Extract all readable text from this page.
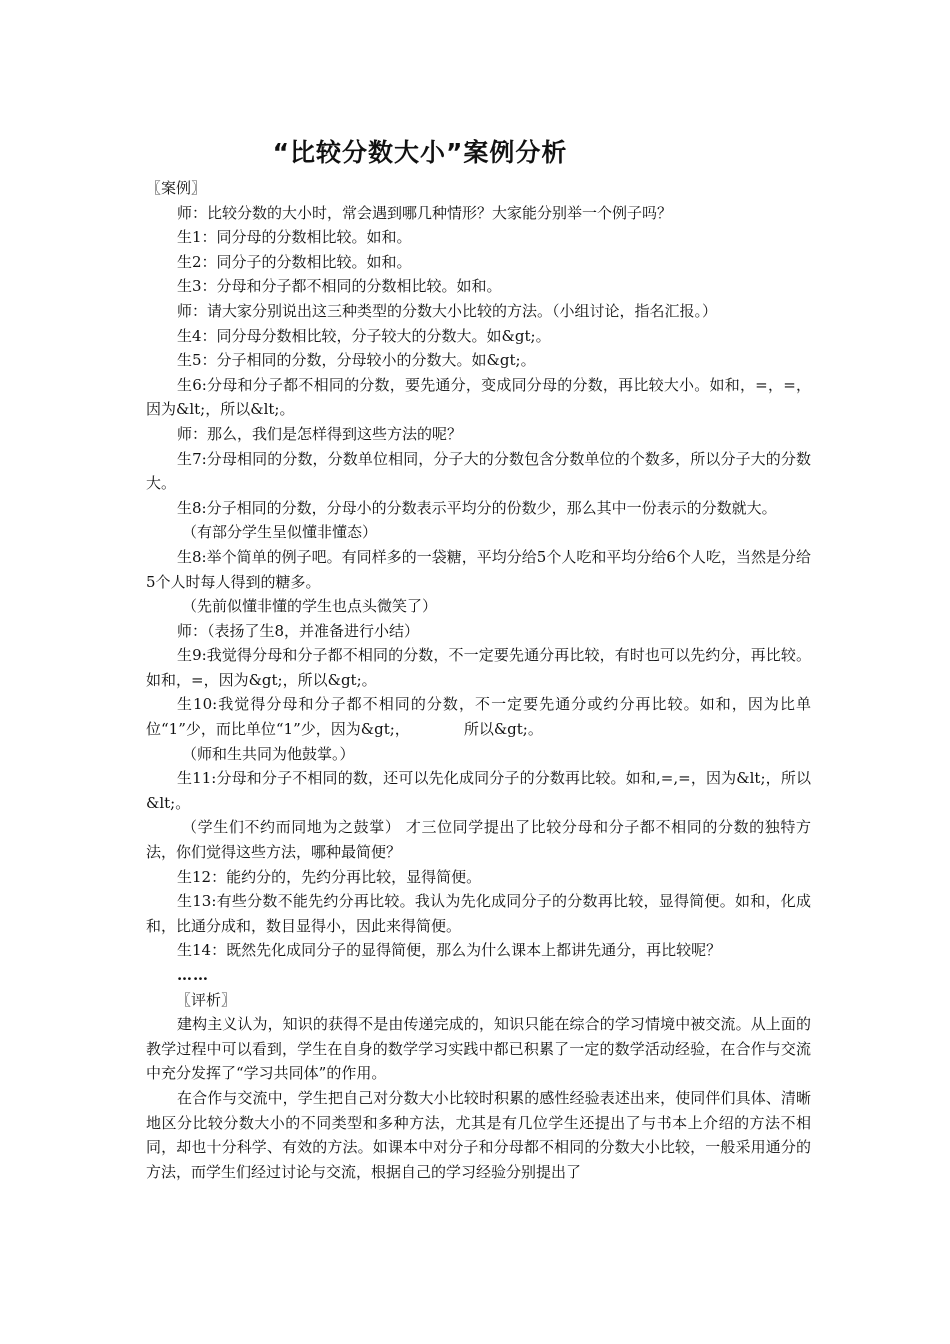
“比较分数大小”案例分析

〖案例〗

师：比较分数的大小时，常会遇到哪几种情形？大家能分别举一个例子吗？

生1：同分母的分数相比较。如和。

生2：同分子的分数相比较。如和。

生3：分母和分子都不相同的分数相比较。如和。

师：请大家分别说出这三种类型的分数大小比较的方法。（小组讨论，指名汇报。）

生4：同分母分数相比较，分子较大的分数大。如&gt;。

生5：分子相同的分数，分母较小的分数大。如&gt;。

生6:分母和分子都不相同的分数，要先通分，变成同分母的分数，再比较大小。如和，=，=，因为&lt;，所以&lt;。

师：那么，我们是怎样得到这些方法的呢？

生7:分母相同的分数，分数单位相同，分子大的分数包含分数单位的个数多，所以分子大的分数大。

生8:分子相同的分数，分母小的分数表示平均分的份数少，那么其中一份表示的分数就大。

（有部分学生呈似懂非懂态）

生8:举个简单的例子吧。有同样多的一袋糖，平均分给5个人吃和平均分给6个人吃，当然是分给5个人时每人得到的糖多。

（先前似懂非懂的学生也点头微笑了）

师：（表扬了生8，并准备进行小结）

生9:我觉得分母和分子都不相同的分数，不一定要先通分再比较，有时也可以先约分，再比较。如和，=，因为&gt;，所以&gt;。

生10:我觉得分母和分子都不相同的分数，不一定要先通分或约分再比较。如和，因为比单位“1”少，而比单位“1”少，因为&gt;，	所以&gt;。

（师和生共同为他鼓掌。）

生11:分母和分子不相同的数，还可以先化成同分子的分数再比较。如和,=,=，因为&lt;，所以&lt;。

（学生们不约而同地为之鼓掌） 才三位同学提出了比较分母和分子都不相同的分数的独特方法，你们觉得这些方法，哪种最简便？

生12：能约分的，先约分再比较，显得简便。

生13:有些分数不能先约分再比较。我认为先化成同分子的分数再比较，显得简便。如和，化成和，比通分成和，数目显得小，因此来得简便。

生14：既然先化成同分子的显得简便，那么为什么课本上都讲先通分，再比较呢？

……

〖评析〗

建构主义认为，知识的获得不是由传递完成的，知识只能在综合的学习情境中被交流。从上面的教学过程中可以看到，学生在自身的数学学习实践中都已积累了一定的数学活动经验，在合作与交流中充分发挥了“学习共同体”的作用。

在合作与交流中，学生把自己对分数大小比较时积累的感性经验表述出来，使同伴们具体、清晰地区分比较分数大小的不同类型和多种方法，尤其是有几位学生还提出了与书本上介绍的方法不相同，却也十分科学、有效的方法。如课本中对分子和分母都不相同的分数大小比较，一般采用通分的方法，而学生们经过讨论与交流，根据自己的学习经验分别提出了
